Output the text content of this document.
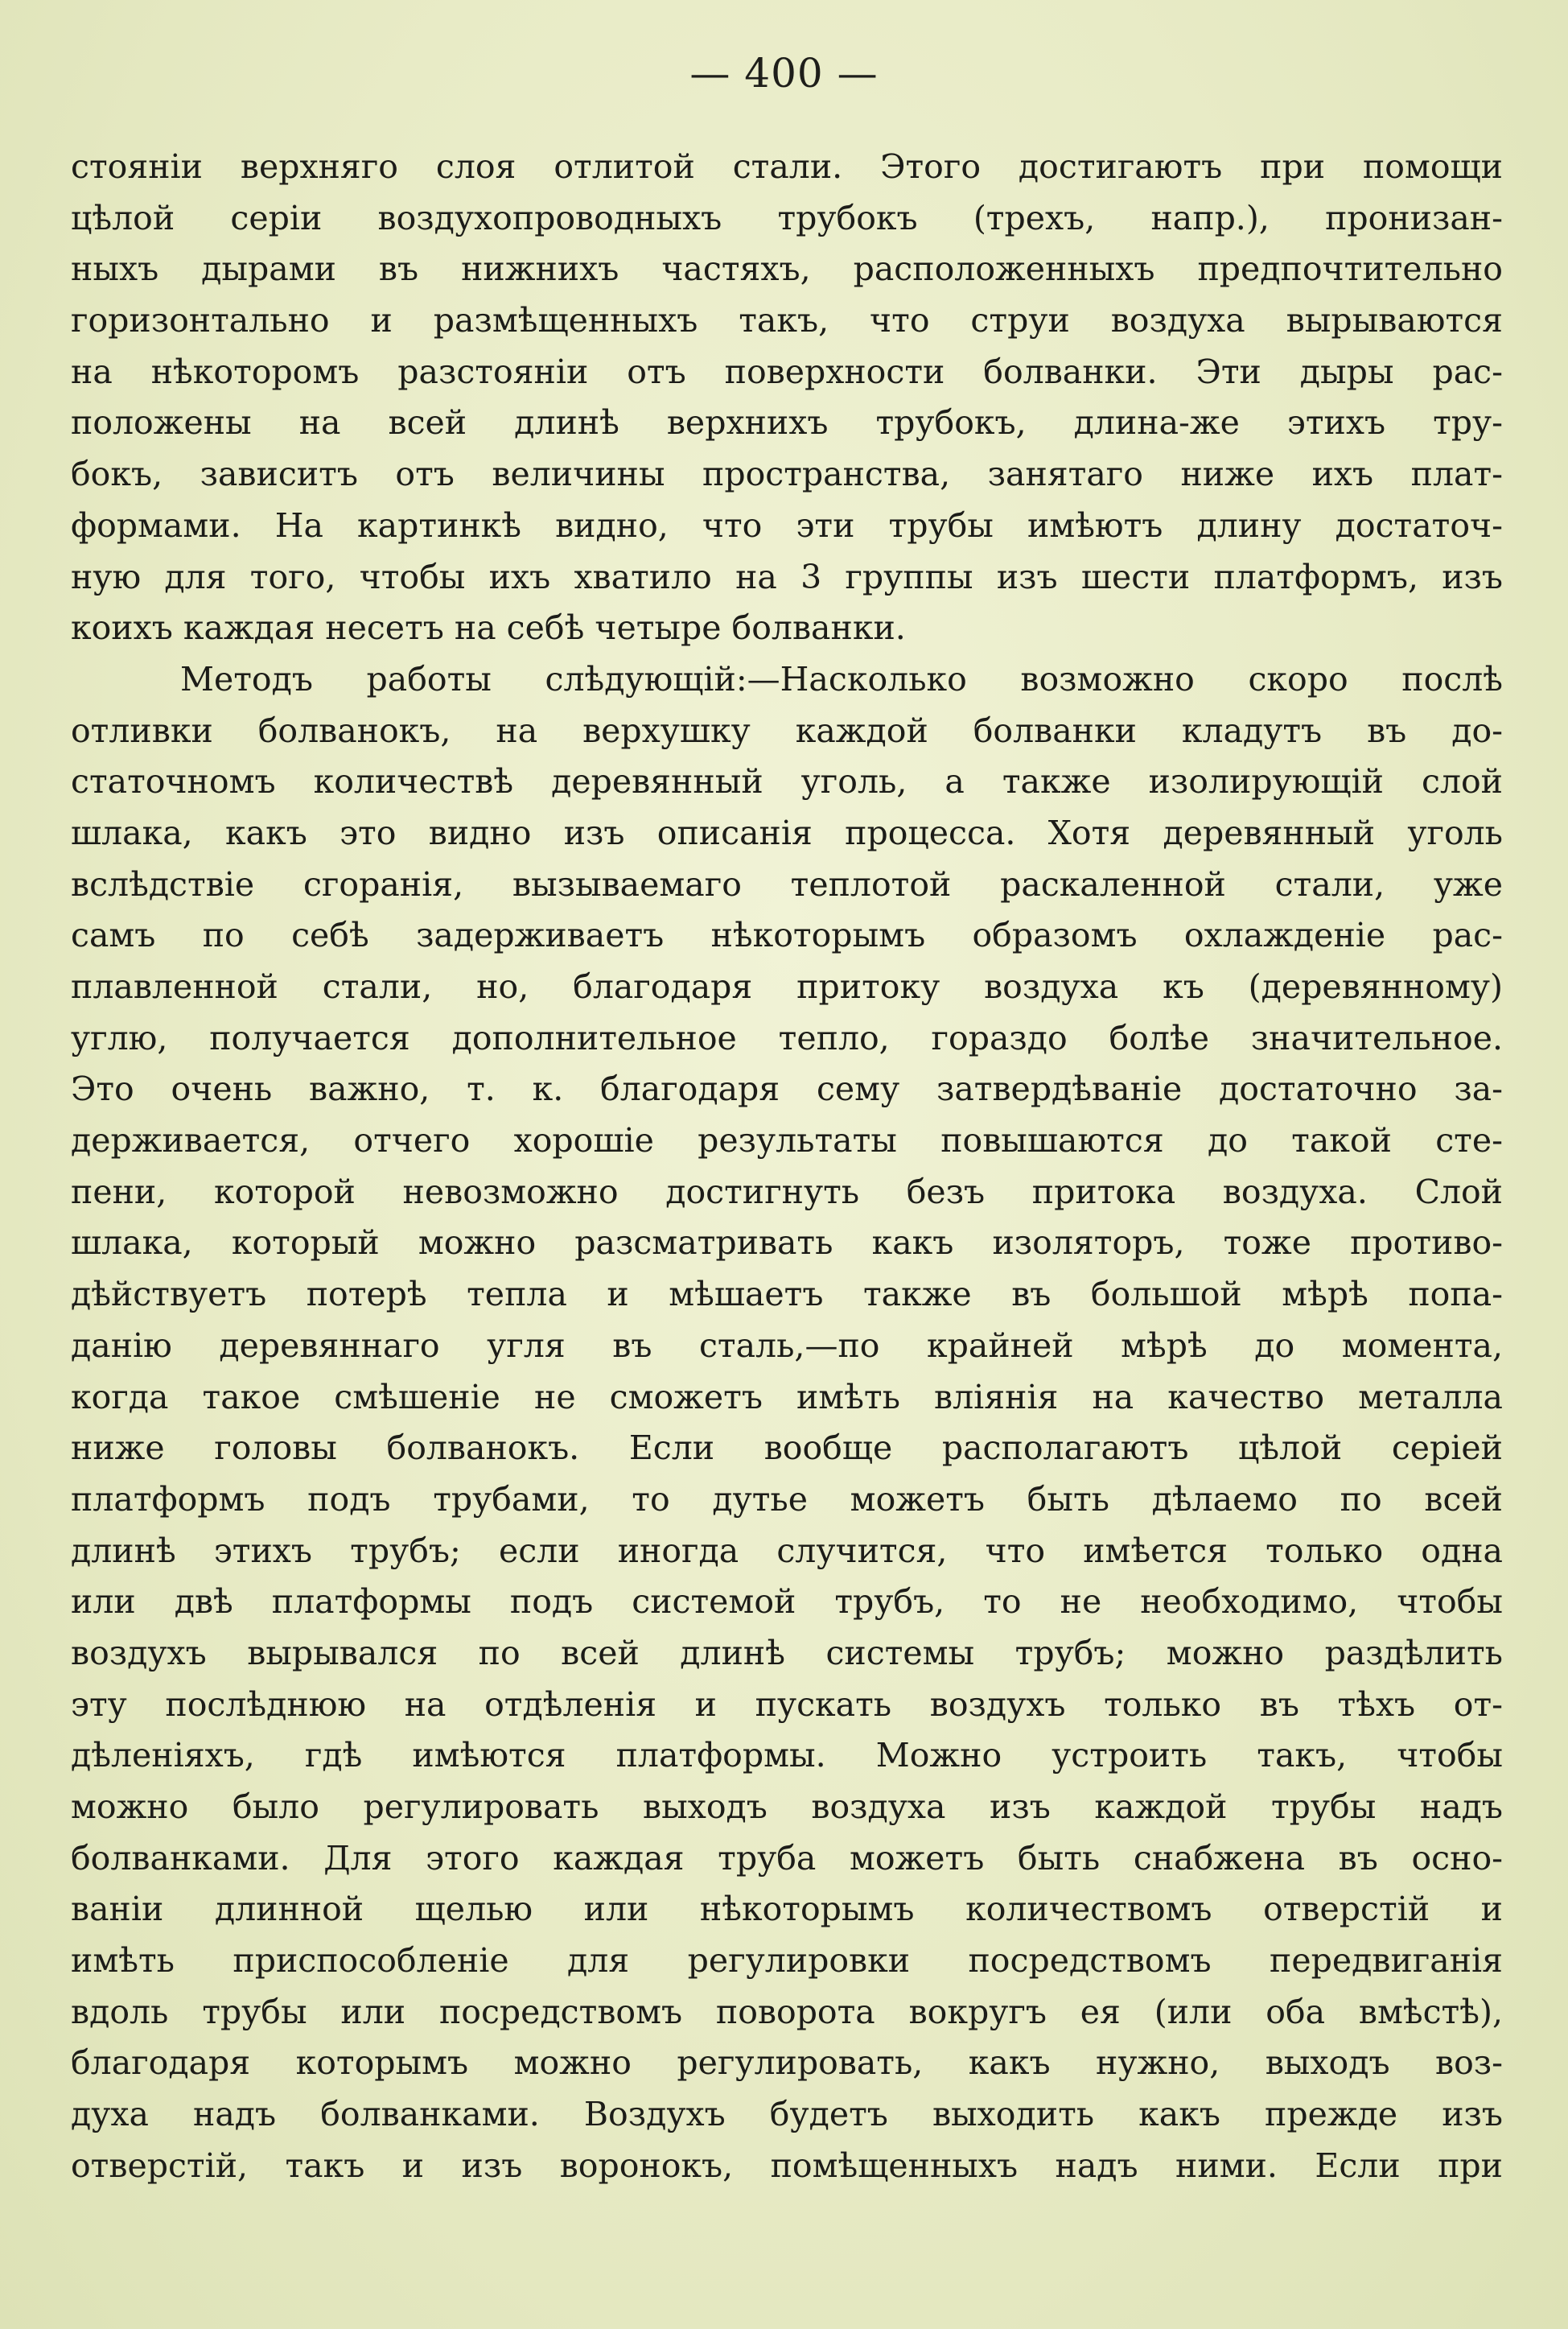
— 400 —
стояніи верхняго слоя отлитой стали. Этого достигаютъ при помощи
цѣлой серіи воздухопроводныхъ трубокъ (трехъ, напр.), пронизан-
ныхъ дырами въ нижнихъ частяхъ, расположенныхъ предпочтительно
горизонтально и размѣщенныхъ такъ, что струи воздуха вырываются
на нѣкоторомъ разстояніи отъ поверхности болванки. Эти дыры рас-
положены на всей длинѣ верхнихъ трубокъ, длина-же этихъ тру-
бокъ, зависитъ отъ величины пространства, занятаго ниже ихъ плат-
формами. На картинкѣ видно, что эти трубы имѣютъ длину достаточ-
ную для того, чтобы ихъ хватило на 3 группы изъ шести платформъ, изъ
коихъ каждая несетъ на себѣ четыре болванки.
Методъ работы слѣдующій:—Насколько возможно скоро послѣ
отливки болванокъ, на верхушку каждой болванки кладутъ въ до-
статочномъ количествѣ деревянный уголь, а также изолирующій слой
шлака, какъ это видно изъ описанія процесса. Хотя деревянный уголь
вслѣдствіе сгоранія, вызываемаго теплотой раскаленной стали, уже
самъ по себѣ задерживаетъ нѣкоторымъ образомъ охлажденіе рас-
плавленной стали, но, благодаря притоку воздуха къ (деревянному)
углю, получается дополнительное тепло, гораздо болѣе значительное.
Это очень важно, т. к. благодаря сему затвердѣваніе достаточно за-
держивается, отчего хорошіе результаты повышаются до такой сте-
пени, которой невозможно достигнуть безъ притока воздуха. Слой
шлака, который можно разсматривать какъ изоляторъ, тоже противо-
дѣйствуетъ потерѣ тепла и мѣшаетъ также въ большой мѣрѣ попа-
данію деревяннаго угля въ сталь,—по крайней мѣрѣ до момента,
когда такое смѣшеніе не сможетъ имѣть вліянія на качество металла
ниже головы болванокъ. Если вообще располагаютъ цѣлой серіей
платформъ подъ трубами, то дутье можетъ быть дѣлаемо по всей
длинѣ этихъ трубъ; если иногда случится, что имѣется только одна
или двѣ платформы подъ системой трубъ, то не необходимо, чтобы
воздухъ вырывался по всей длинѣ системы трубъ; можно раздѣлить
эту послѣднюю на отдѣленія и пускать воздухъ только въ тѣхъ от-
дѣленіяхъ, гдѣ имѣются платформы. Можно устроить такъ, чтобы
можно было регулировать выходъ воздуха изъ каждой трубы надъ
болванками. Для этого каждая труба можетъ быть снабжена въ осно-
ваніи длинной щелью или нѣкоторымъ количествомъ отверстій и
имѣть приспособленіе для регулировки посредствомъ передвиганія
вдоль трубы или посредствомъ поворота вокругъ ея (или оба вмѣстѣ),
благодаря которымъ можно регулировать, какъ нужно, выходъ воз-
духа надъ болванками. Воздухъ будетъ выходить какъ прежде изъ
отверстій, такъ и изъ воронокъ, помѣщенныхъ надъ ними. Если при
